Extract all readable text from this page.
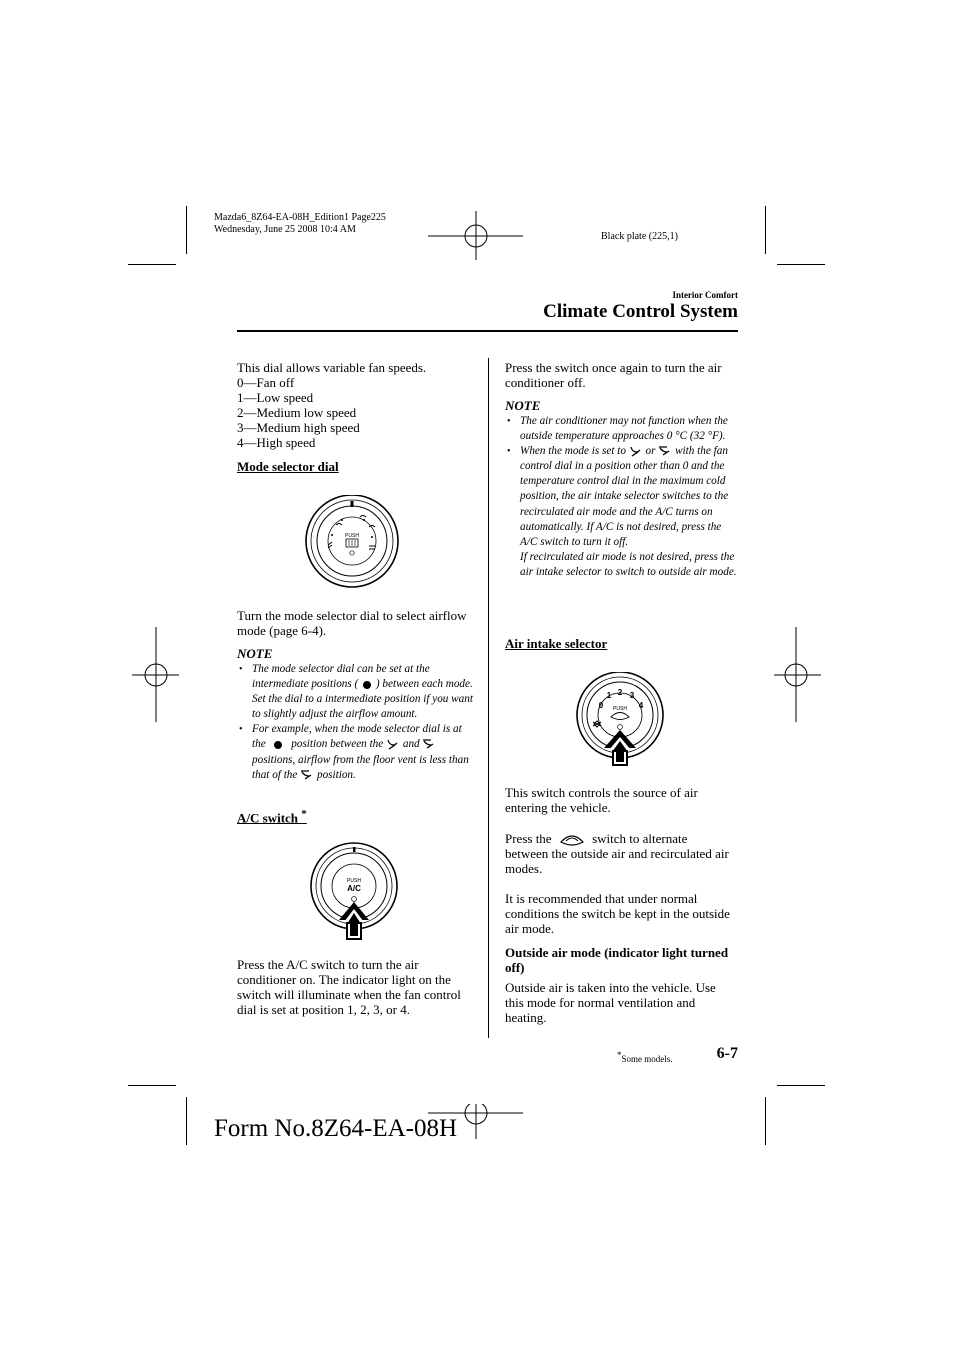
Mazda6_8Z64-EA-08H_Edition1 Page225
Wednesday, June 25 2008 10:4 AM
Black plate (225,1)
Interior Comfort
Climate Control System
This dial allows variable fan speeds.
0—Fan off
1—Low speed
2—Medium low speed
3—Medium high speed
4—High speed
Mode selector dial
PUSH
Turn the mode selector dial to select airflow mode (page 6-4).
NOTE
• The mode selector dial can be set at the intermediate positions ( ) between each mode. Set the dial to a intermediate position if you want to slightly adjust the airflow amount.
• For example, when the mode selector dial is at the position between the and  positions, airflow from the floor vent is less than that of the position.
A/C switch *
PUSH
A/C
Press the A/C switch to turn the air conditioner on. The indicator light on the switch will illuminate when the fan control dial is set at position 1, 2, 3, or 4.
Press the switch once again to turn the air conditioner off.
NOTE
• The air conditioner may not function when the outside temperature approaches 0 °C (32 °F).
• When the mode is set to or with the fan control dial in a position other than 0 and the temperature control dial in the maximum cold position, the air intake selector switches to the recirculated air mode and the A/C turns on automatically. If A/C is not desired, press the A/C switch to turn it off.
If recirculated air mode is not desired, press the air intake selector to switch to outside air mode.
Air intake selector
0
1 2 3
4
PUSH
This switch controls the source of air entering the vehicle.
Press the	switch to alternate between the outside air and recirculated air modes.
It is recommended that under normal conditions the switch be kept in the outside air mode.
Outside air mode (indicator light turned off)
Outside air is taken into the vehicle. Use this mode for normal ventilation and heating.
*Some models.	6-7
Form No.8Z64-EA-08H
